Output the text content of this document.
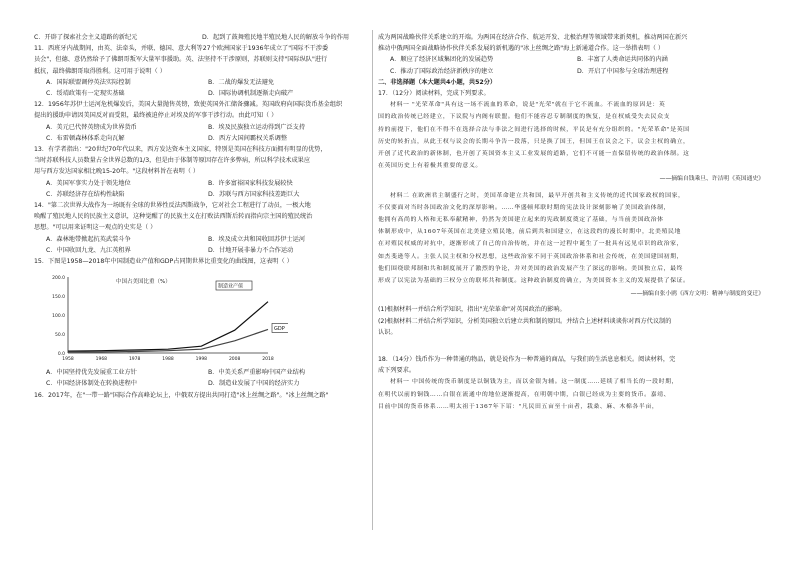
C．开辟了探索社会主义道路的新纪元	D．起到了鼓舞殖民地半殖民地人民的解放斗争的作用
11．西班牙内战期间，由英、法牵头，并联、德国、意大利等27个欧洲国家于1936年成立了"国际不干涉委
员会"，但德、意仍然给予了佛朗哥叛军大量军事援助。英、法坚持不干涉原则，苏联则支持"国际纵队"进行
抵抗，最终佛朗哥取得胜利。这可用于说明（ ）
A．国际联盟调停英法实际控制	B．二战的爆发无法避免
C．绥靖政策有一定现实基础	D．国际协调机制逐渐走向破产
12．1956年苏伊士运河危机爆发后，美国大量抛售英镑，致使英国外汇储备骤减。英国政府向国际货币基金组织
提出的援助申请因美国反对而受阻，最终被迫停止对埃及的军事干涉行动。由此可知（ ）
A．美元已代替英镑成为世界货币	B．埃及民族独立运动得到广泛支持
C．布雷顿森林体系走向瓦解	D．西方大国间霸权关系调整
13．有学者指出："20世纪70年代以来，西方发达资本主义国家，特别是美国在科技方面拥有明显的优势，
当时苏联科技人员数量占全世界总数的1/3，但是由于体制等原因存在许多弊病，所以科学技术成果应
用与西方发达国家相比晚15-20年。"这段材料旨在表明（ ）
A．美国军事实力处于领先地位	B．许多富裕国家科技发展较快
C．苏联经济存在结构性缺陷	D．苏联与西方国家科技差距巨大
14．"第二次世界大战作为一场既有全球的世界性反法西斯战争，它对社会工程进行了动员，一极大地
唤醒了殖民地人民的民族主义意识，这种觉醒了的民族主义在打败法西斯后转而指向宗主国的殖民统治
思想。"可以用来证明这一观点的史实是（ ）
A．森林地带掀起抗英武装斗争	B．埃及成立共和国收回苏伊士运河
C．中国收回九龙、九江英租界	D．甘地开展非暴力不合作运动
15．下图是1958—2018年中国制造业产值和GDP占同期世界比重变化的曲线图，这表明（ ）
中国占美国比重（%）
200.0
150.0
100.0
50.0
0.0
1958	1968	1978	1988	1998	2008	2018
制造业产值
GDP
A．中国坚持优先发展重工业方针	B．中美关系严重影响中国产业结构
C．中国经济体制处在转换进程中	D．制造业发展了中国的经济实力
16．2017年，在"一带一路"国际合作高峰论坛上，中俄双方提出共同打造"冰上丝绸之路"。"冰上丝绸之路"
成为两国战略伙伴关系建立的开端。为两国在经济合作、航运开发、北极治理等领域带来新契机，推动两国在新兴
推动中俄两国全面战略协作伙伴关系发展的新机遇的"冰上丝绸之路"海上新通道合作。这一举措表明（ ）
A．顺应了经济区域集团化的发展趋势	B．丰富了人类命运共同体的内涵
C．推动了国际政治经济新秩序的建立	D．开启了中国参与全球治理进程
二、非选择题（本大题共4小题，共52分）
17．（12分）阅读材料，完成下列要求。
材料一 "光荣革命"具有这一场不流血的革命，说是"光荣"就在于它不流血。不流血的原因是：英
国的政治传统已经建立，下议院与内阁有联盟。他们不能容忍专制制度的恢复，是在权威受失去民众支
持的前提下，他们在不得不在选择合法与非法之间进行选择的时候，平民是有充分组织的。"光荣革命"是英国
历史的转折点，从此王权与议会的长期斗争告一段落，只是换了国王，但国王在议会之下，议会主权的确立，
开创了近代政治的新体制，也开创了英国资本主义工业发展的道路，它们不可能一直保留传统的政治体制。这
在英国历史上有着极其重要的意义。
——摘编自钱乘旦、许洁明《英国通史》
材料二 在欧洲君主制盛行之时，美国革命建立共和国，最早开创共和主义传统的近代国家政权的国家，
不仅要面对当时各国政治文化的深厚影响。……华盛顿邦联时期的宪法设计深刻影响了美国政治体制，
他拥有高尚的人格和无私奉献精神，仍然为美国建立起来的宪政制度奠定了基础，与当前美国政治体
体制形成中，从1607年英国在北美建立殖民地，前后到共和国建立，在这段约的漫长时期中，北美殖民地
在对殖民权威的对抗中，逐渐形成了自己的自治传统，并在这一过程中诞生了一批具有远见卓识的政治家，
如杰斐逊等人。主张人民主权和分权思想，这些政治家不同于英国政治体系和社会传统，在美国建国初期，
他们围绕联邦制和共和制度展开了激烈的争论，并对美国的政治发展产生了深远的影响。美国独立后，最终
形成了以宪法为基础的三权分立的联邦共和制度。这种政治制度的确立，为美国资本主义的发展提供了保证。
——摘编自张小鸥《西方文明：精神与制度的变迁》
(1)根据材料一并结合所学知识，指出"光荣革命"对英国政治的影响。
(2)根据材料二并结合所学知识，分析美国独立后建立共和制的原因。并结合上述材料谈谈你对西方代议制的
认识。
18．（14分）钱币作为一种普通的物品，就是说作为一种普通的商品，与我们的生活息息相关。阅读材料，完
成下列要求。
材料一 中国传统的货币制度是以铜钱为主，而以金银为辅。这一制度……延续了相当长的一段时期，
在明代以前的铜钱……白银在流通中的地位逐渐提高，在明朝中期，白银已经成为主要的货币。嘉靖、
目前中国的货币体系……明太祖于1367年下诏："凡民田五亩至十亩者，栽桑、麻、木棉各半亩，
